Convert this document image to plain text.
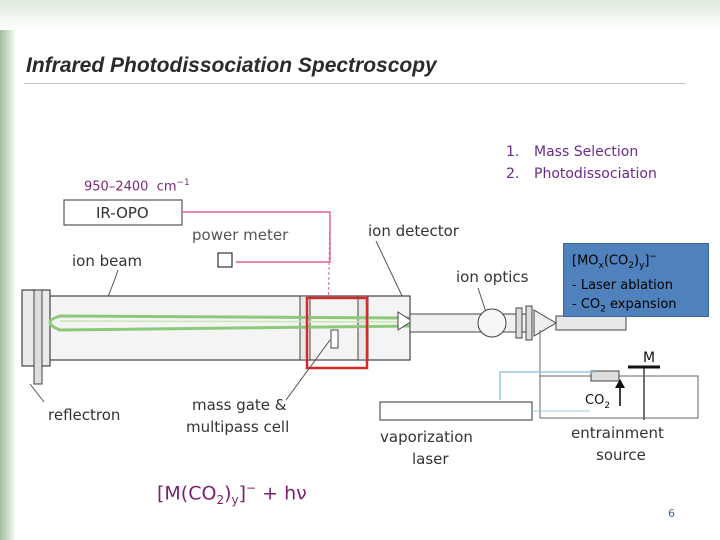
Infrared Photodissociation Spectroscopy
IR-OPO
power meter	ion detector
ion beam
ion optics
M
$CO_2$
entrainment
source
vaporization
laser
reflectron
mass gate &
multipass cell
950–2400 $cm^{-1}$
1. Mass Selection
2. Photodissociation
$[MO_x(CO_2)_y]^-$
- Laser ablation
- $CO_2$ expansion
$[M(CO_2)_y]^- + h\nu$
6
